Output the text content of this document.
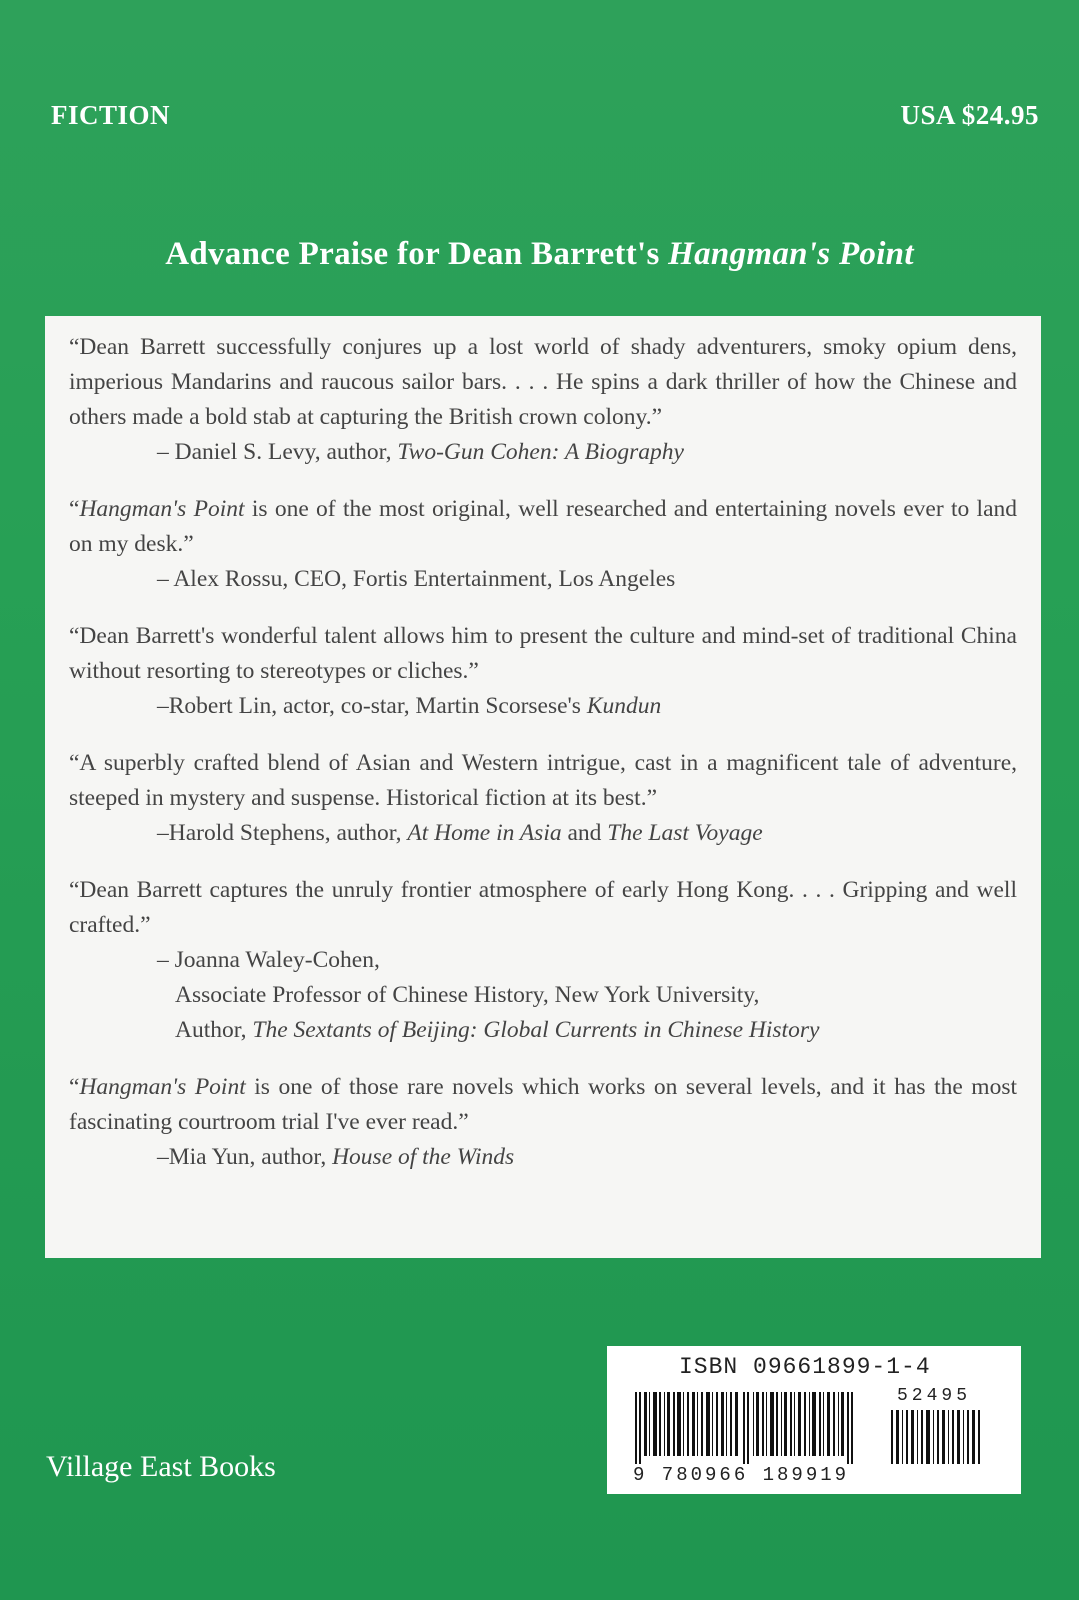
FICTION	USA $24.95
Advance Praise for Dean Barrett's Hangman's Point

“Dean Barrett successfully conjures up a lost world of shady adventurers, smoky opium dens, imperious Mandarins and raucous sailor bars. . . . He spins a dark thriller of how the Chinese and others made a bold stab at capturing the British crown colony.”
– Daniel S. Levy, author, Two-Gun Cohen: A Biography

“Hangman's Point is one of the most original, well researched and entertaining novels ever to land on my desk.”
– Alex Rossu, CEO, Fortis Entertainment, Los Angeles

“Dean Barrett's wonderful talent allows him to present the culture and mind-set of traditional China without resorting to stereotypes or cliches.”
–Robert Lin, actor, co-star, Martin Scorsese's Kundun

“A superbly crafted blend of Asian and Western intrigue, cast in a magnificent tale of adventure, steeped in mystery and suspense. Historical fiction at its best.”
–Harold Stephens, author, At Home in Asia and The Last Voyage

“Dean Barrett captures the unruly frontier atmosphere of early Hong Kong. . . . Gripping and well crafted.”
– Joanna Waley-Cohen,
Associate Professor of Chinese History, New York University,
Author, The Sextants of Beijing: Global Currents in Chinese History

“Hangman's Point is one of those rare novels which works on several levels, and it has the most fascinating courtroom trial I've ever read.”
–Mia Yun, author, House of the Winds

ISBN 09661899-1-4
52495
9 780966 189919
Village East Books
